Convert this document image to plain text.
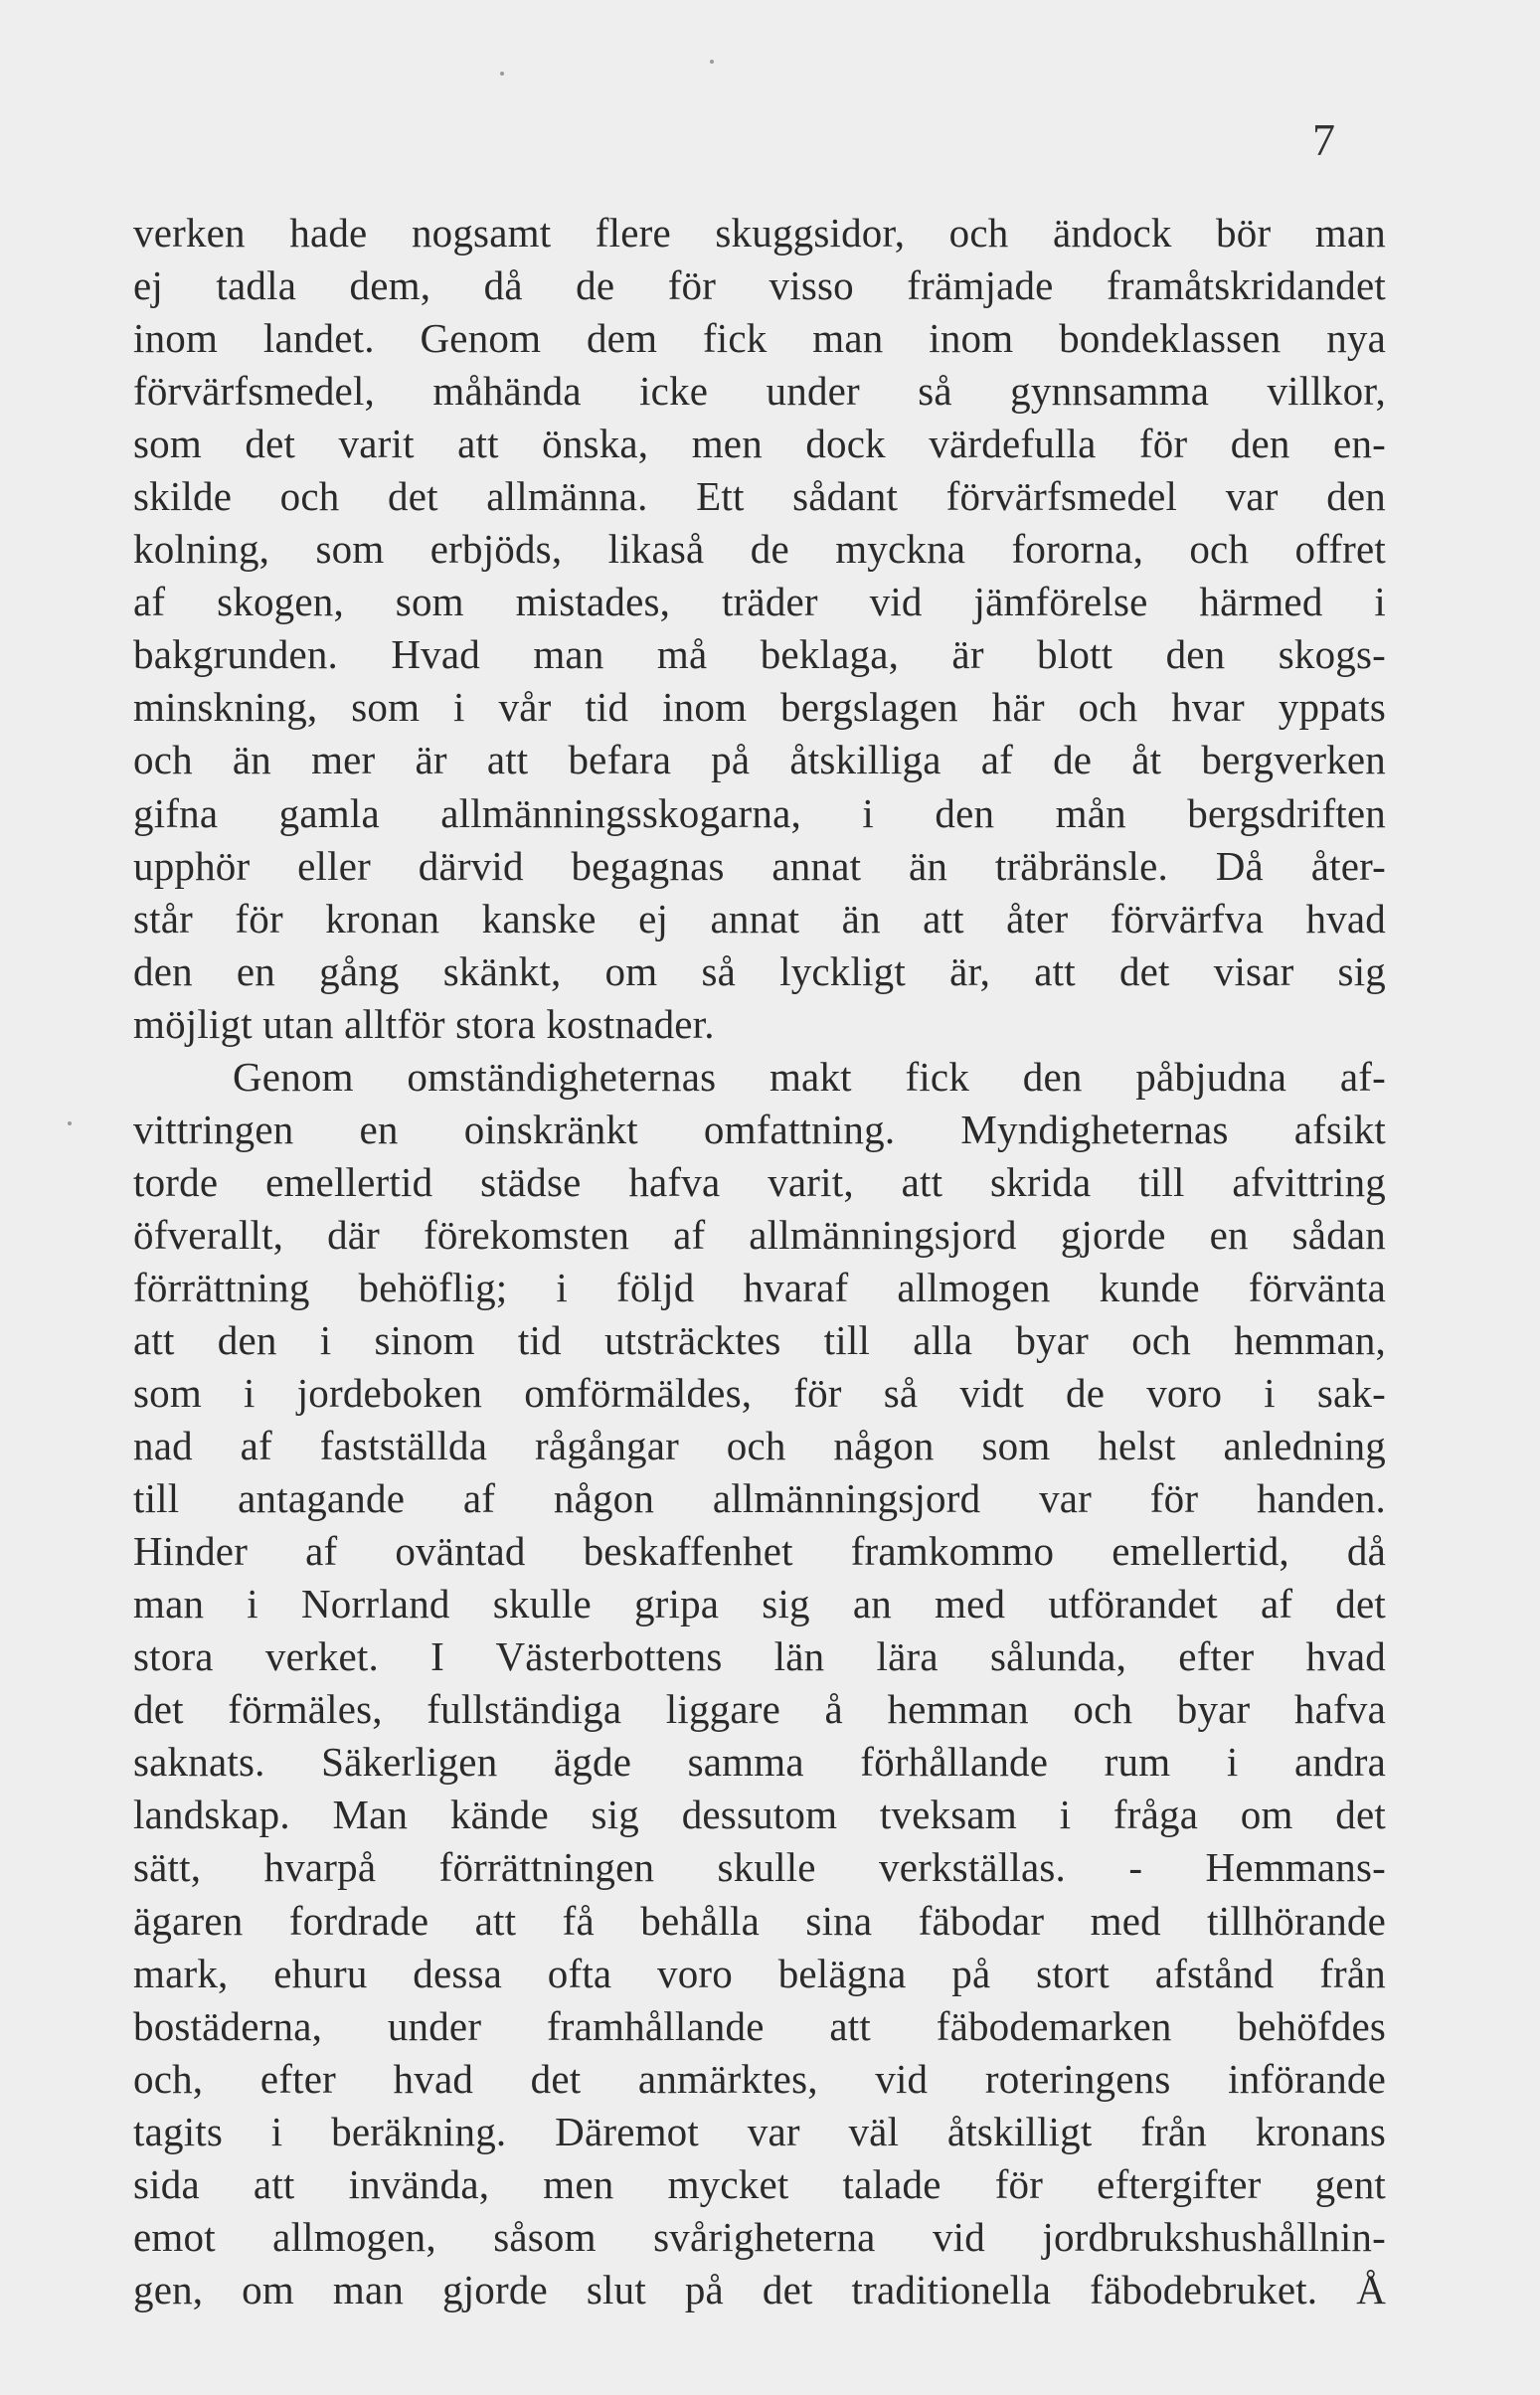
7
verken hade nogsamt flere skuggsidor, och ändock bör man
ej tadla dem, då de för visso främjade framåtskridandet
inom landet. Genom dem fick man inom bondeklassen nya
förvärfsmedel, måhända icke under så gynnsamma villkor,
som det varit att önska, men dock värdefulla för den en-
skilde och det allmänna. Ett sådant förvärfsmedel var den
kolning, som erbjöds, likaså de myckna fororna, och offret
af skogen, som mistades, träder vid jämförelse härmed i
bakgrunden. Hvad man må beklaga, är blott den skogs-
minskning, som i vår tid inom bergslagen här och hvar yppats
och än mer är att befara på åtskilliga af de åt bergverken
gifna gamla allmänningsskogarna, i den mån bergsdriften
upphör eller därvid begagnas annat än träbränsle. Då åter-
står för kronan kanske ej annat än att åter förvärfva hvad
den en gång skänkt, om så lyckligt är, att det visar sig
möjligt utan alltför stora kostnader.
Genom omständigheternas makt fick den påbjudna af-
vittringen en oinskränkt omfattning. Myndigheternas afsikt
torde emellertid städse hafva varit, att skrida till afvittring
öfverallt, där förekomsten af allmänningsjord gjorde en sådan
förrättning behöflig; i följd hvaraf allmogen kunde förvänta
att den i sinom tid utsträcktes till alla byar och hemman,
som i jordeboken omförmäldes, för så vidt de voro i sak-
nad af fastställda rågångar och någon som helst anledning
till antagande af någon allmänningsjord var för handen.
Hinder af oväntad beskaffenhet framkommo emellertid, då
man i Norrland skulle gripa sig an med utförandet af det
stora verket. I Västerbottens län lära sålunda, efter hvad
det förmäles, fullständiga liggare å hemman och byar hafva
saknats. Säkerligen ägde samma förhållande rum i andra
landskap. Man kände sig dessutom tveksam i fråga om det
sätt, hvarpå förrättningen skulle verkställas. - Hemmans-
ägaren fordrade att få behålla sina fäbodar med tillhörande
mark, ehuru dessa ofta voro belägna på stort afstånd från
bostäderna, under framhållande att fäbodemarken behöfdes
och, efter hvad det anmärktes, vid roteringens införande
tagits i beräkning. Däremot var väl åtskilligt från kronans
sida att invända, men mycket talade för eftergifter gent
emot allmogen, såsom svårigheterna vid jordbrukshushållnin-
gen, om man gjorde slut på det traditionella fäbodebruket. Å
